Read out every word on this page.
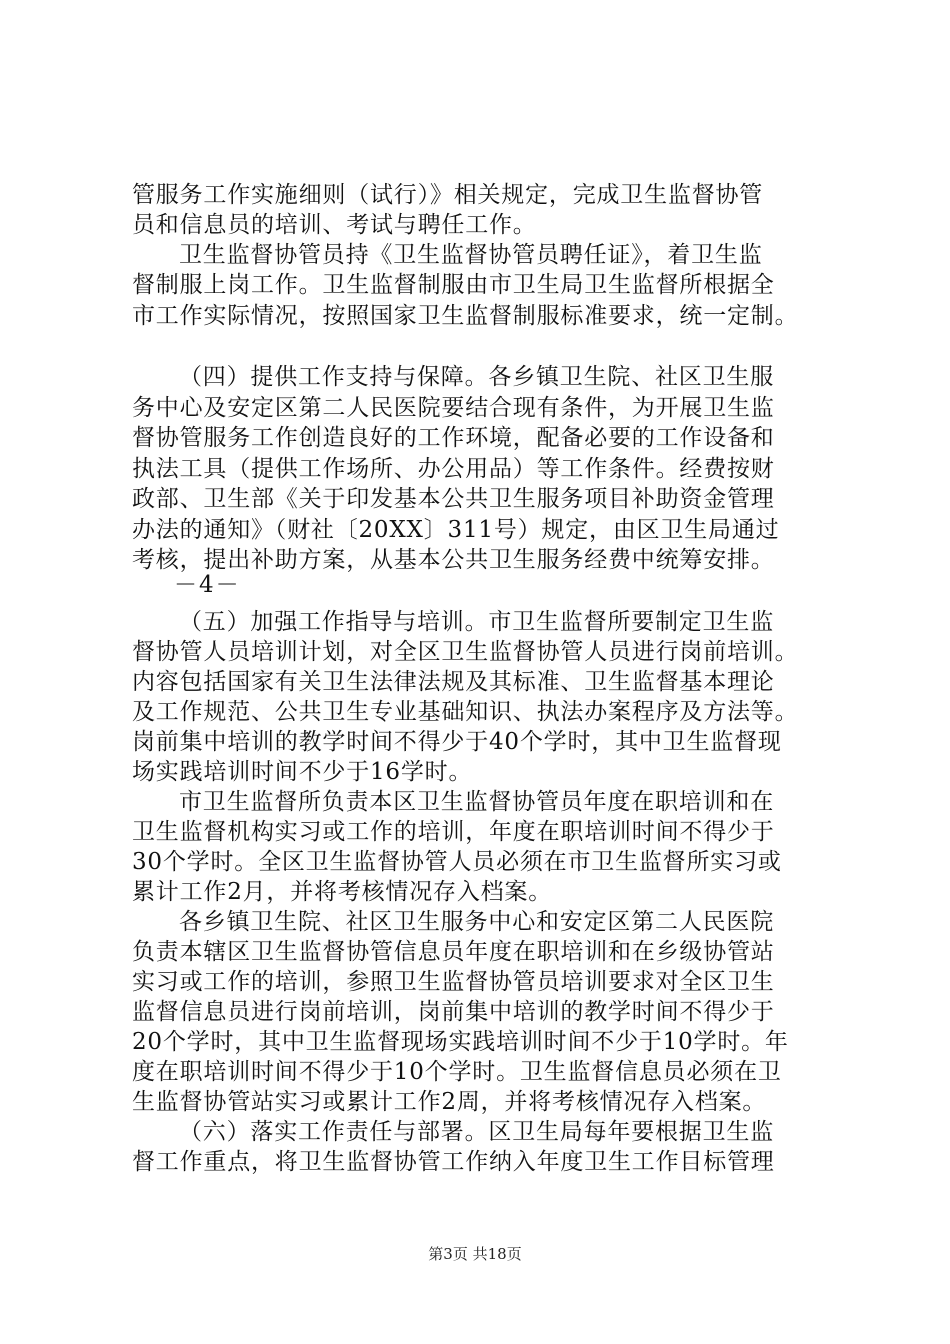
管服务工作实施细则（试行）》相关规定，完成卫生监督协管
员和信息员的培训、考试与聘任工作。
卫生监督协管员持《卫生监督协管员聘任证》，着卫生监
督制服上岗工作。卫生监督制服由市卫生局卫生监督所根据全
市工作实际情况，按照国家卫生监督制服标准要求，统一定制。
（四）提供工作支持与保障。各乡镇卫生院、社区卫生服
务中心及安定区第二人民医院要结合现有条件，为开展卫生监
督协管服务工作创造良好的工作环境，配备必要的工作设备和
执法工具（提供工作场所、办公用品）等工作条件。经费按财
政部、卫生部《关于印发基本公共卫生服务项目补助资金管理
办法的通知》（财社〔20XX〕311号）规定，由区卫生局通过
考核，提出补助方案，从基本公共卫生服务经费中统筹安排。
－4－
（五）加强工作指导与培训。市卫生监督所要制定卫生监
督协管人员培训计划，对全区卫生监督协管人员进行岗前培训。
内容包括国家有关卫生法律法规及其标准、卫生监督基本理论
及工作规范、公共卫生专业基础知识、执法办案程序及方法等。
岗前集中培训的教学时间不得少于40个学时，其中卫生监督现
场实践培训时间不少于16学时。
市卫生监督所负责本区卫生监督协管员年度在职培训和在
卫生监督机构实习或工作的培训，年度在职培训时间不得少于
30个学时。全区卫生监督协管人员必须在市卫生监督所实习或
累计工作2月，并将考核情况存入档案。
各乡镇卫生院、社区卫生服务中心和安定区第二人民医院
负责本辖区卫生监督协管信息员年度在职培训和在乡级协管站
实习或工作的培训，参照卫生监督协管员培训要求对全区卫生
监督信息员进行岗前培训，岗前集中培训的教学时间不得少于
20个学时，其中卫生监督现场实践培训时间不少于10学时。年
度在职培训时间不得少于10个学时。卫生监督信息员必须在卫
生监督协管站实习或累计工作2周，并将考核情况存入档案。
（六）落实工作责任与部署。区卫生局每年要根据卫生监
督工作重点，将卫生监督协管工作纳入年度卫生工作目标管理
第3页 共18页
